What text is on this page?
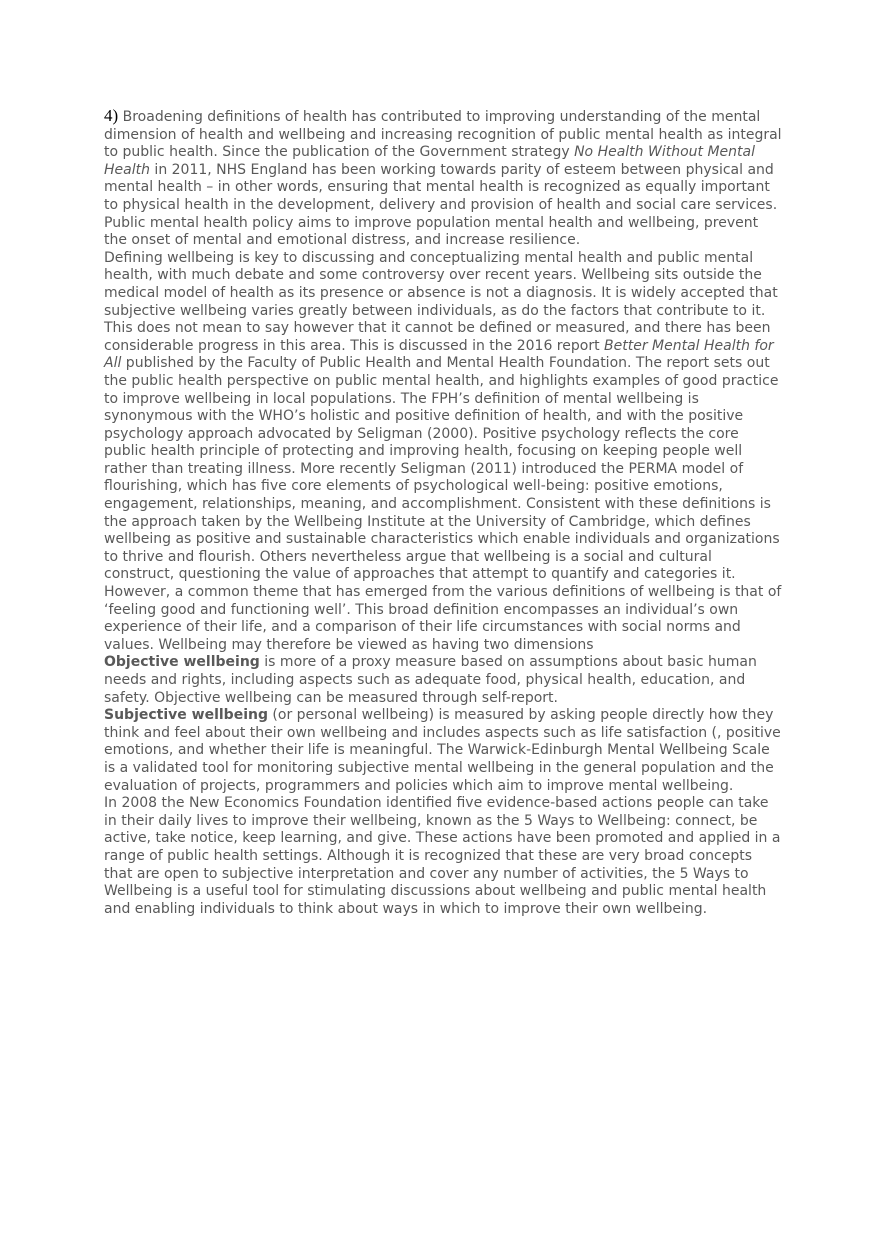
4) Broadening definitions of health has contributed to improving understanding of the mental dimension of health and wellbeing and increasing recognition of public mental health as integral to public health. Since the publication of the Government strategy No Health Without Mental Health in 2011, NHS England has been working towards parity of esteem between physical and mental health – in other words, ensuring that mental health is recognized as equally important to physical health in the development, delivery and provision of health and social care services. Public mental health policy aims to improve population mental health and wellbeing, prevent the onset of mental and emotional distress, and increase resilience.

Defining wellbeing is key to discussing and conceptualizing mental health and public mental health, with much debate and some controversy over recent years. Wellbeing sits outside the medical model of health as its presence or absence is not a diagnosis. It is widely accepted that subjective wellbeing varies greatly between individuals, as do the factors that contribute to it. This does not mean to say however that it cannot be defined or measured, and there has been considerable progress in this area. This is discussed in the 2016 report Better Mental Health for All published by the Faculty of Public Health and Mental Health Foundation. The report sets out the public health perspective on public mental health, and highlights examples of good practice to improve wellbeing in local populations. The FPH’s definition of mental wellbeing is synonymous with the WHO’s holistic and positive definition of health, and with the positive psychology approach advocated by Seligman (2000). Positive psychology reflects the core public health principle of protecting and improving health, focusing on keeping people well rather than treating illness. More recently Seligman (2011) introduced the PERMA model of flourishing, which has five core elements of psychological well-being: positive emotions, engagement, relationships, meaning, and accomplishment. Consistent with these definitions is the approach taken by the Wellbeing Institute at the University of Cambridge, which defines wellbeing as positive and sustainable characteristics which enable individuals and organizations to thrive and flourish. Others nevertheless argue that wellbeing is a social and cultural construct, questioning the value of approaches that attempt to quantify and categories it.

However, a common theme that has emerged from the various definitions of wellbeing is that of ‘feeling good and functioning well’. This broad definition encompasses an individual’s own experience of their life, and a comparison of their life circumstances with social norms and values. Wellbeing may therefore be viewed as having two dimensions

Objective wellbeing is more of a proxy measure based on assumptions about basic human needs and rights, including aspects such as adequate food, physical health, education, and safety. Objective wellbeing can be measured through self-report.

Subjective wellbeing (or personal wellbeing) is measured by asking people directly how they think and feel about their own wellbeing and includes aspects such as life satisfaction (, positive emotions, and whether their life is meaningful. The Warwick-Edinburgh Mental Wellbeing Scale is a validated tool for monitoring subjective mental wellbeing in the general population and the evaluation of projects, programmers and policies which aim to improve mental wellbeing.

In 2008 the New Economics Foundation identified five evidence-based actions people can take in their daily lives to improve their wellbeing, known as the 5 Ways to Wellbeing: connect, be active, take notice, keep learning, and give. These actions have been promoted and applied in a range of public health settings. Although it is recognized that these are very broad concepts that are open to subjective interpretation and cover any number of activities, the 5 Ways to Wellbeing is a useful tool for stimulating discussions about wellbeing and public mental health and enabling individuals to think about ways in which to improve their own wellbeing.
